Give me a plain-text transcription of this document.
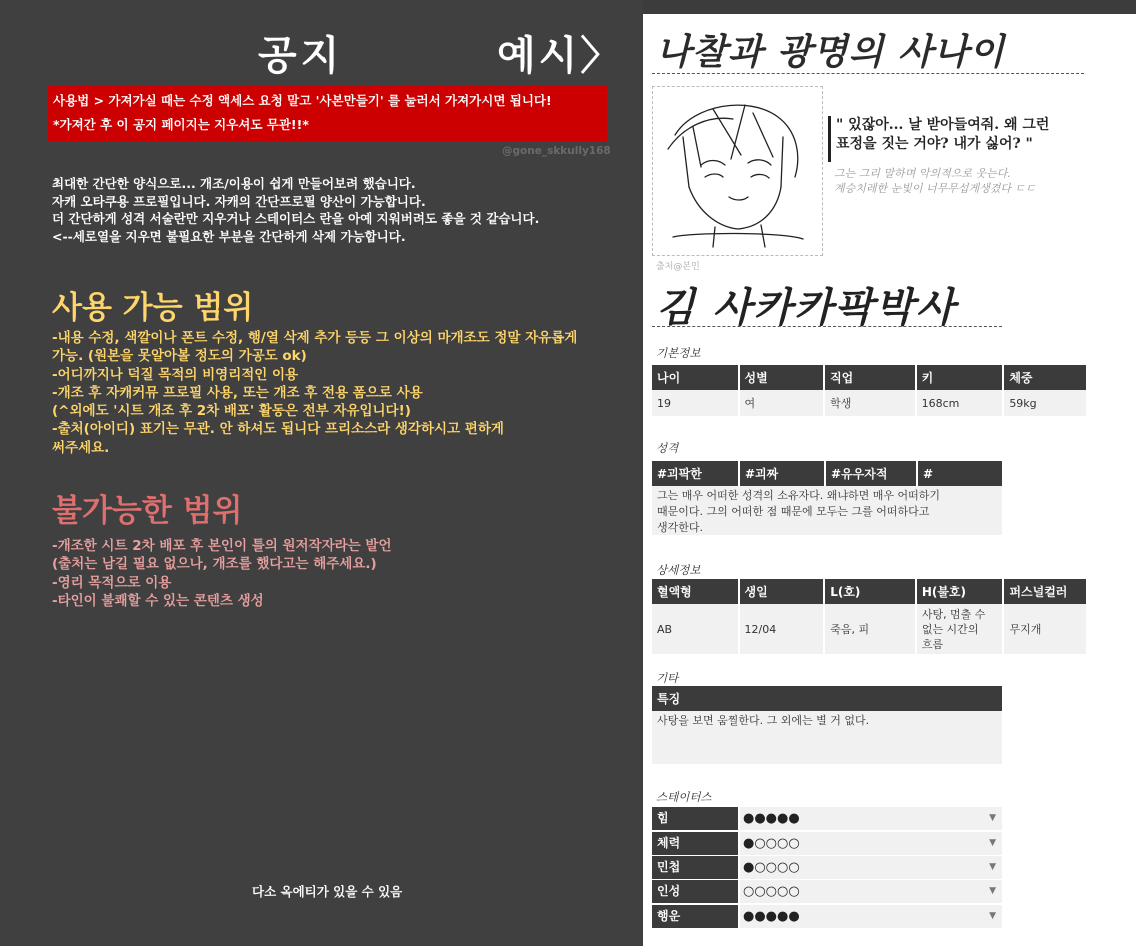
공지	예시〉
사용법 > 가져가실 때는 수정 액세스 요청 말고 '사본만들기' 를 눌러서 가져가시면 됩니다!
*가져간 후 이 공지 페이지는 지우셔도 무관!!*
@gone_skkully168
최대한 간단한 양식으로... 개조/이용이 쉽게 만들어보려 했습니다.
자캐 오타쿠용 프로필입니다. 자캐의 간단프로필 양산이 가능합니다.
더 간단하게 성격 서술란만 지우거나 스테이터스 란을 아예 지워버려도 좋을 것 같습니다.
<--세로열을 지우면 불필요한 부분을 간단하게 삭제 가능합니다.
사용 가능 범위
-내용 수정, 색깔이나 폰트 수정, 행/열 삭제 추가 등등 그 이상의 마개조도 정말 자유롭게
가능. (원본을 못알아볼 정도의 가공도 ok)
-어디까지나 덕질 목적의 비영리적인 이용
-개조 후 자캐커뮤 프로필 사용, 또는 개조 후 전용 폼으로 사용
(^외에도 '시트 개조 후 2차 배포' 활동은 전부 자유입니다!)
-출처(아이디) 표기는 무관. 안 하셔도 됩니다 프리소스라 생각하시고 편하게
써주세요.
불가능한 범위
-개조한 시트 2차 배포 후 본인이 틀의 원저작자라는 발언
(출처는 남길 필요 없으나, 개조를 했다고는 해주세요.)
-영리 목적으로 이용
-타인이 불쾌할 수 있는 콘텐츠 생성
다소 옥에티가 있을 수 있음
나찰과 광명의 사나이
출처@본인
" 있잖아... 날 받아들여줘. 왜 그런
표정을 짓는 거야? 내가 싫어? "
그는 그리 말하며 악의적으로 웃는다.
계승치레한 눈빛이 너무무섭게생겼다 ㄷㄷ
김 사카카팍박사
기본정보
나이	성별	직업	키	체중
19	여	학생	168cm	59kg
성격
#괴팍한	#괴짜	#유우자적	#
그는 매우 어떠한 성격의 소유자다. 왜냐하면 매우 어떠하기
때문이다. 그의 어떠한 점 때문에 모두는 그를 어떠하다고
생각한다.
상세정보
혈액형	생일	L(호)	H(불호)	퍼스널컬러
AB	12/04	죽음, 피	사탕, 멈출 수
없는 시간의
흐름	무지개
기타
특징
사탕을 보면 움찔한다. 그 외에는 별 거 없다.
스테이터스
힘	●●●●●	▼
체력	●○○○○	▼
민첩	●○○○○	▼
인성	○○○○○	▼
행운	●●●●●	▼
